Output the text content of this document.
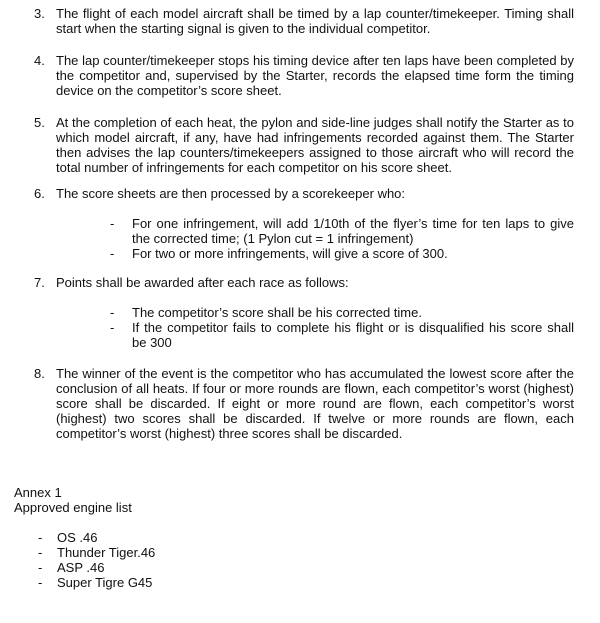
3. The flight of each model aircraft shall be timed by a lap counter/timekeeper. Timing shall start when the starting signal is given to the individual competitor.
4. The lap counter/timekeeper stops his timing device after ten laps have been completed by the competitor and, supervised by the Starter, records the elapsed time form the timing device on the competitor’s score sheet.
5. At the completion of each heat, the pylon and side-line judges shall notify the Starter as to which model aircraft, if any, have had infringements recorded against them. The Starter then advises the lap counters/timekeepers assigned to those aircraft who will record the total number of infringements for each competitor on his score sheet.
6. The score sheets are then processed by a scorekeeper who:
- For one infringement, will add 1/10th of the flyer’s time for ten laps to give the corrected time; (1 Pylon cut = 1 infringement)
- For two or more infringements, will give a score of 300.
7. Points shall be awarded after each race as follows:
- The competitor’s score shall be his corrected time.
- If the competitor fails to complete his flight or is disqualified his score shall be 300
8. The winner of the event is the competitor who has accumulated the lowest score after the conclusion of all heats. If four or more rounds are flown, each competitor’s worst (highest) score shall be discarded. If eight or more round are flown, each competitor’s worst (highest) two scores shall be discarded. If twelve or more rounds are flown, each competitor’s worst (highest) three scores shall be discarded.
Annex 1
Approved engine list
- OS .46
- Thunder Tiger.46
- ASP .46
- Super Tigre G45
